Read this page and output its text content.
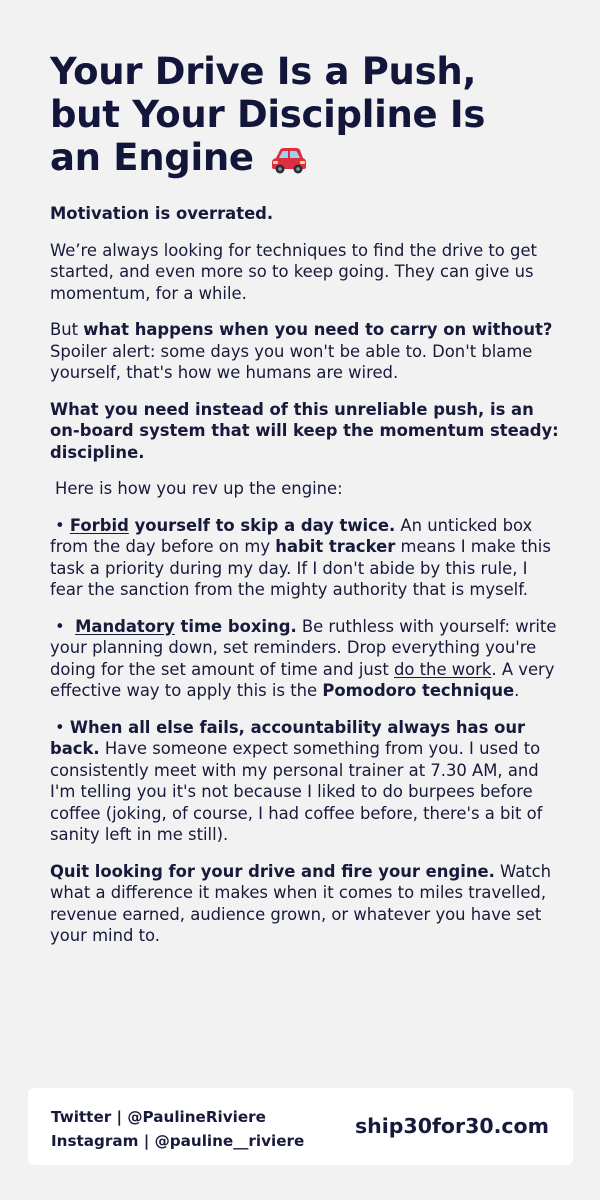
Your Drive Is a Push,
but Your Discipline Is
an Engine

Motivation is overrated.

We’re always looking for techniques to find the drive to get started, and even more so to keep going. They can give us momentum, for a while.

But what happens when you need to carry on without? Spoiler alert: some days you won't be able to. Don't blame yourself, that's how we humans are wired.

What you need instead of this unreliable push, is an on-board system that will keep the momentum steady: discipline.

Here is how you rev up the engine:

• Forbid yourself to skip a day twice. An unticked box from the day before on my habit tracker means I make this task a priority during my day. If I don't abide by this rule, I fear the sanction from the mighty authority that is myself.

• Mandatory time boxing. Be ruthless with yourself: write your planning down, set reminders. Drop everything you're doing for the set amount of time and just do the work. A very effective way to apply this is the Pomodoro technique.

• When all else fails, accountability always has our back. Have someone expect something from you. I used to consistently meet with my personal trainer at 7.30 AM, and I'm telling you it's not because I liked to do burpees before coffee (joking, of course, I had coffee before, there's a bit of sanity left in me still).

Quit looking for your drive and fire your engine. Watch what a difference it makes when it comes to miles travelled, revenue earned, audience grown, or whatever you have set your mind to.

Twitter | @PaulineRiviere
Instagram | @pauline__riviere
ship30for30.com
